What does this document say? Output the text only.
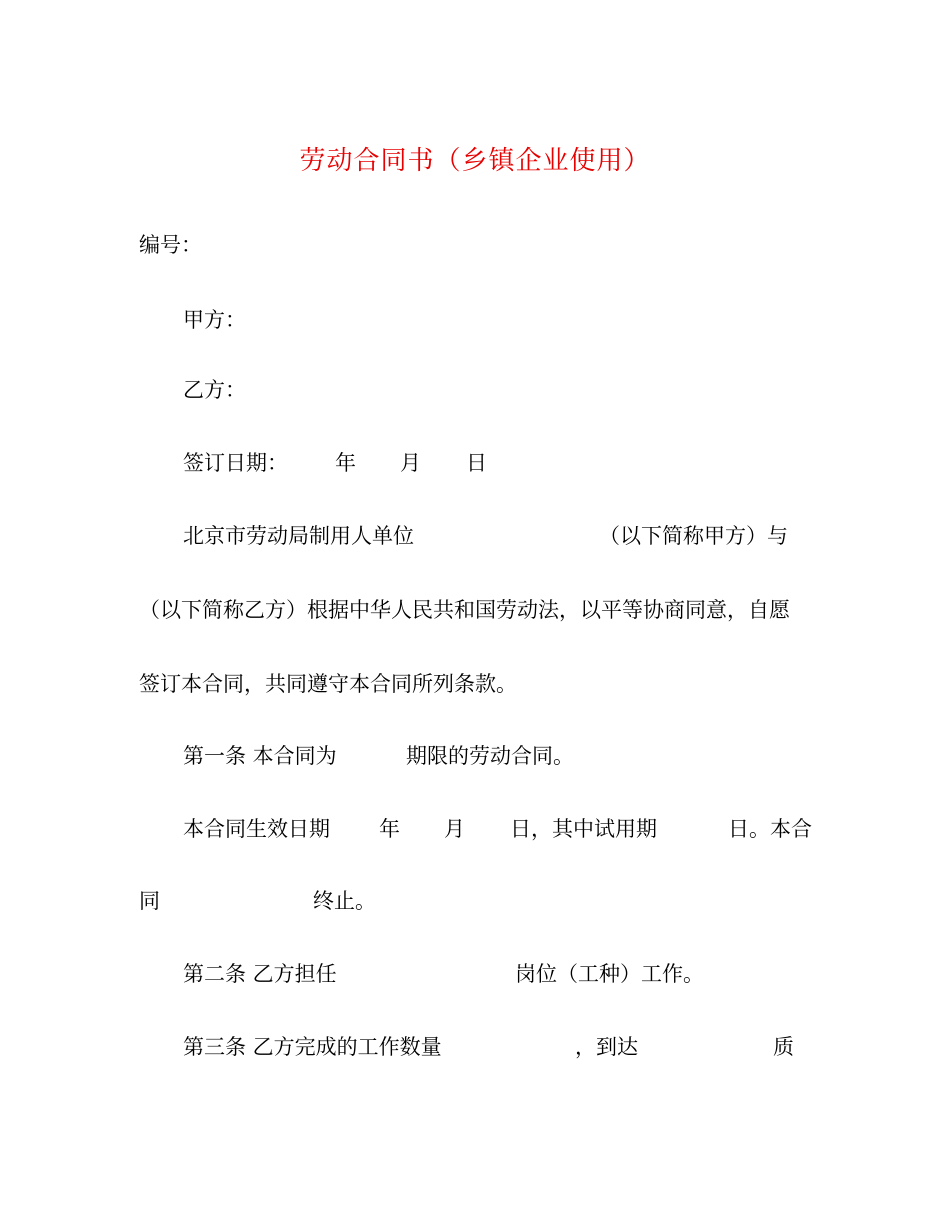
劳动合同书（乡镇企业使用）
编号：
甲方：
乙方：
签订日期： 年 月 日
北京市劳动局制用人单位	（以下简称甲方）与
（以下简称乙方）根据中华人民共和国劳动法，以平等协商同意，自愿
签订本合同，共同遵守本合同所列条款。
第一条 本合同为	期限的劳动合同。
本合同生效日期 年 月 日，其中试用期	日。本合
同	终止。
第二条 乙方担任	岗位（工种）工作。
第三条 乙方完成的工作数量	，到达	质
